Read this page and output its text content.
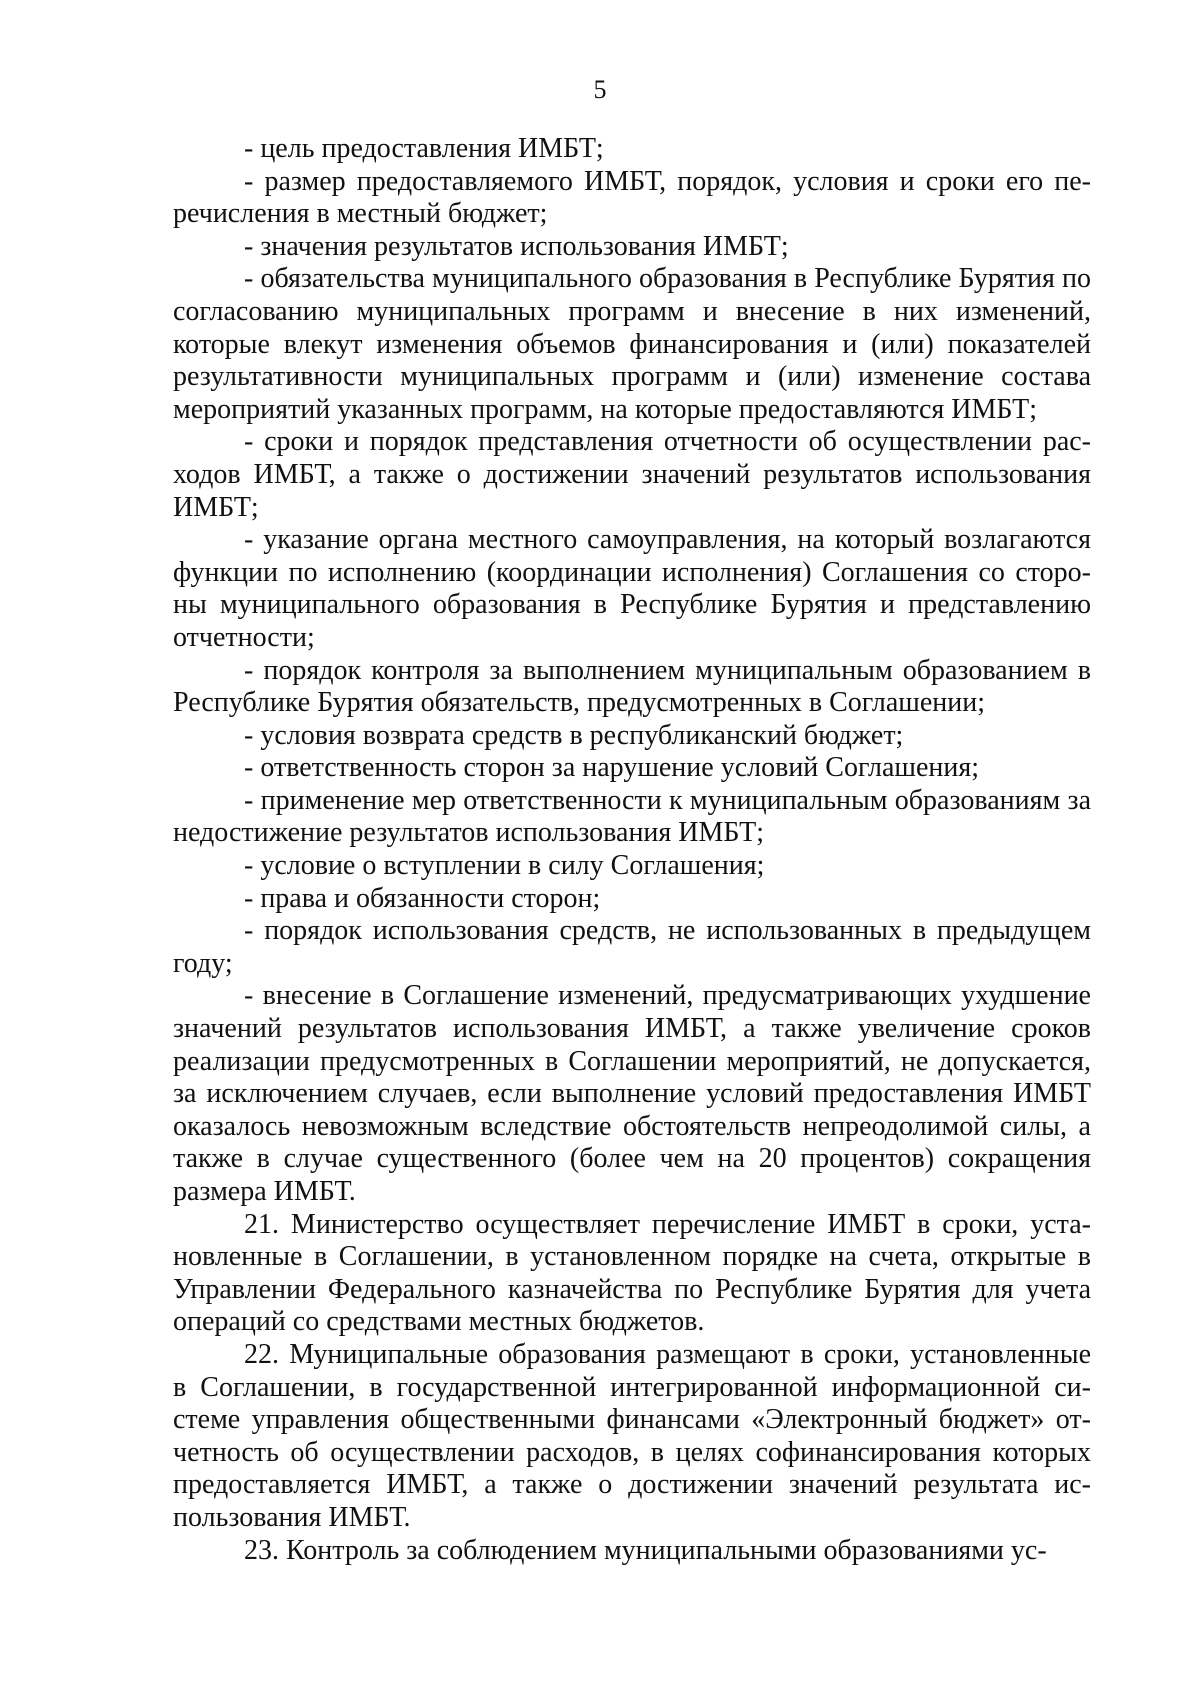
5

- цель предоставления ИМБТ;

- размер предоставляемого ИМБТ, порядок, условия и сроки его перечисления в местный бюджет;

- значения результатов использования ИМБТ;

- обязательства муниципального образования в Республике Бурятия по согласованию муниципальных программ и внесение в них изменений, которые влекут изменения объемов финансирования и (или) показателей результативности муниципальных программ и (или) изменение состава мероприятий указанных программ, на которые предоставляются ИМБТ;

- сроки и порядок представления отчетности об осуществлении расходов ИМБТ, а также о достижении значений результатов использования ИМБТ;

- указание органа местного самоуправления, на который возлагаются функции по исполнению (координации исполнения) Соглашения со стороны муниципального образования в Республике Бурятия и представлению отчетности;

- порядок контроля за выполнением муниципальным образованием в Республике Бурятия обязательств, предусмотренных в Соглашении;

- условия возврата средств в республиканский бюджет;

- ответственность сторон за нарушение условий Соглашения;

- применение мер ответственности к муниципальным образованиям за недостижение результатов использования ИМБТ;

- условие о вступлении в силу Соглашения;

- права и обязанности сторон;

- порядок использования средств, не использованных в предыдущем году;

- внесение в Соглашение изменений, предусматривающих ухудшение значений результатов использования ИМБТ, а также увеличение сроков реализации предусмотренных в Соглашении мероприятий, не допускается, за исключением случаев, если выполнение условий предоставления ИМБТ оказалось невозможным вследствие обстоятельств непреодолимой силы, а также в случае существенного (более чем на 20 процентов) сокращения размера ИМБТ.

21. Министерство осуществляет перечисление ИМБТ в сроки, установленные в Соглашении, в установленном порядке на счета, открытые в Управлении Федерального казначейства по Республике Бурятия для учета операций со средствами местных бюджетов.

22. Муниципальные образования размещают в сроки, установленные в Соглашении, в государственной интегрированной информационной системе управления общественными финансами «Электронный бюджет» отчетность об осуществлении расходов, в целях софинансирования которых предоставляется ИМБТ, а также о достижении значений результата использования ИМБТ.

23. Контроль за соблюдением муниципальными образованиями ус-
